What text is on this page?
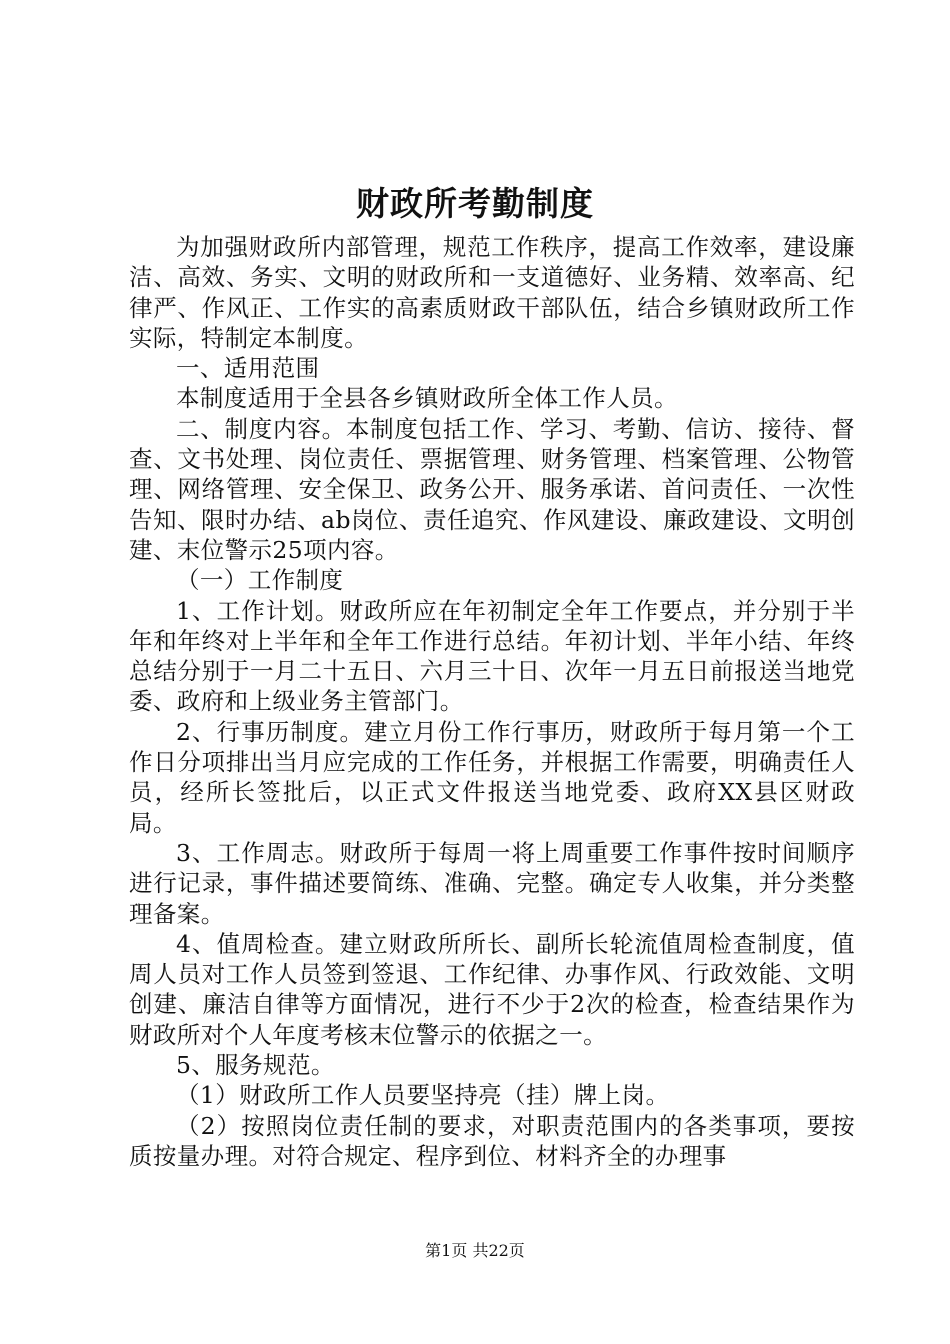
财政所考勤制度

为加强财政所内部管理，规范工作秩序，提高工作效率，建设廉洁、高效、务实、文明的财政所和一支道德好、业务精、效率高、纪律严、作风正、工作实的高素质财政干部队伍，结合乡镇财政所工作实际，特制定本制度。

一、适用范围

本制度适用于全县各乡镇财政所全体工作人员。

二、制度内容。本制度包括工作、学习、考勤、信访、接待、督查、文书处理、岗位责任、票据管理、财务管理、档案管理、公物管理、网络管理、安全保卫、政务公开、服务承诺、首问责任、一次性告知、限时办结、ab岗位、责任追究、作风建设、廉政建设、文明创建、末位警示25项内容。

（一）工作制度

1、工作计划。财政所应在年初制定全年工作要点，并分别于半年和年终对上半年和全年工作进行总结。年初计划、半年小结、年终总结分别于一月二十五日、六月三十日、次年一月五日前报送当地党委、政府和上级业务主管部门。

2、行事历制度。建立月份工作行事历，财政所于每月第一个工作日分项排出当月应完成的工作任务，并根据工作需要，明确责任人员，经所长签批后，以正式文件报送当地党委、政府XX县区财政局。

3、工作周志。财政所于每周一将上周重要工作事件按时间顺序进行记录，事件描述要简练、准确、完整。确定专人收集，并分类整理备案。

4、值周检查。建立财政所所长、副所长轮流值周检查制度，值周人员对工作人员签到签退、工作纪律、办事作风、行政效能、文明创建、廉洁自律等方面情况，进行不少于2次的检查，检查结果作为财政所对个人年度考核末位警示的依据之一。

5、服务规范。

（1）财政所工作人员要坚持亮（挂）牌上岗。

（2）按照岗位责任制的要求，对职责范围内的各类事项，要按质按量办理。对符合规定、程序到位、材料齐全的办理事

第1页 共22页
